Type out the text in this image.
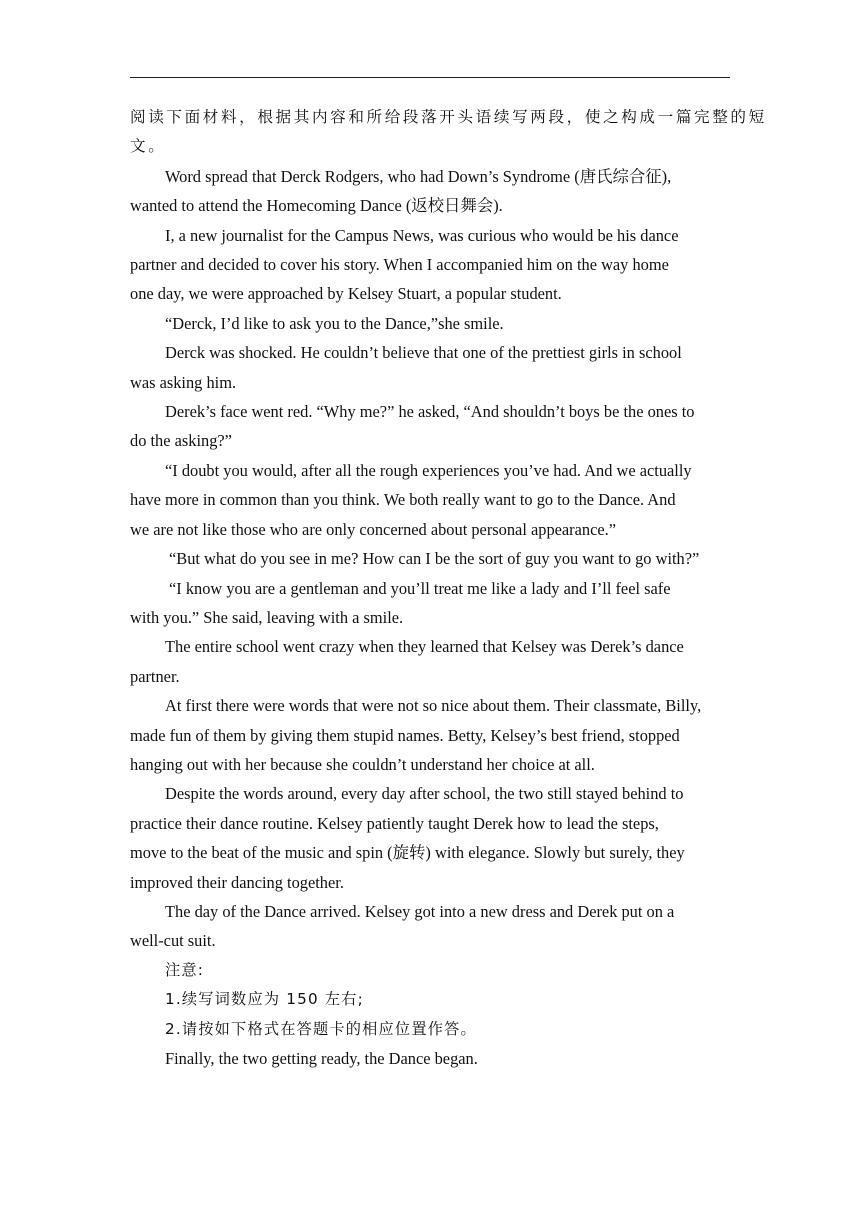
阅读下面材料，根据其内容和所给段落开头语续写两段，使之构成一篇完整的短
文。
Word spread that Derck Rodgers, who had Down’s Syndrome (唐氏综合征),
wanted to attend the Homecoming Dance (返校日舞会).
I, a new journalist for the Campus News, was curious who would be his dance
partner and decided to cover his story. When I accompanied him on the way home
one day, we were approached by Kelsey Stuart, a popular student.
“Derck, I’d like to ask you to the Dance,”she smile.
Derck was shocked. He couldn’t believe that one of the prettiest girls in school
was asking him.
Derek’s face went red. “Why me?” he asked, “And shouldn’t boys be the ones to
do the asking?”
“I doubt you would, after all the rough experiences you’ve had. And we actually
have more in common than you think. We both really want to go to the Dance. And
we are not like those who are only concerned about personal appearance.”
“But what do you see in me? How can I be the sort of guy you want to go with?”
“I know you are a gentleman and you’ll treat me like a lady and I’ll feel safe
with you.” She said, leaving with a smile.
The entire school went crazy when they learned that Kelsey was Derek’s dance
partner.
At first there were words that were not so nice about them. Their classmate, Billy,
made fun of them by giving them stupid names. Betty, Kelsey’s best friend, stopped
hanging out with her because she couldn’t understand her choice at all.
Despite the words around, every day after school, the two still stayed behind to
practice their dance routine. Kelsey patiently taught Derek how to lead the steps,
move to the beat of the music and spin (旋转) with elegance. Slowly but surely, they
improved their dancing together.
The day of the Dance arrived. Kelsey got into a new dress and Derek put on a
well-cut suit.
注意:
1.续写词数应为 150 左右;
2.请按如下格式在答题卡的相应位置作答。
Finally, the two getting ready, the Dance began.
